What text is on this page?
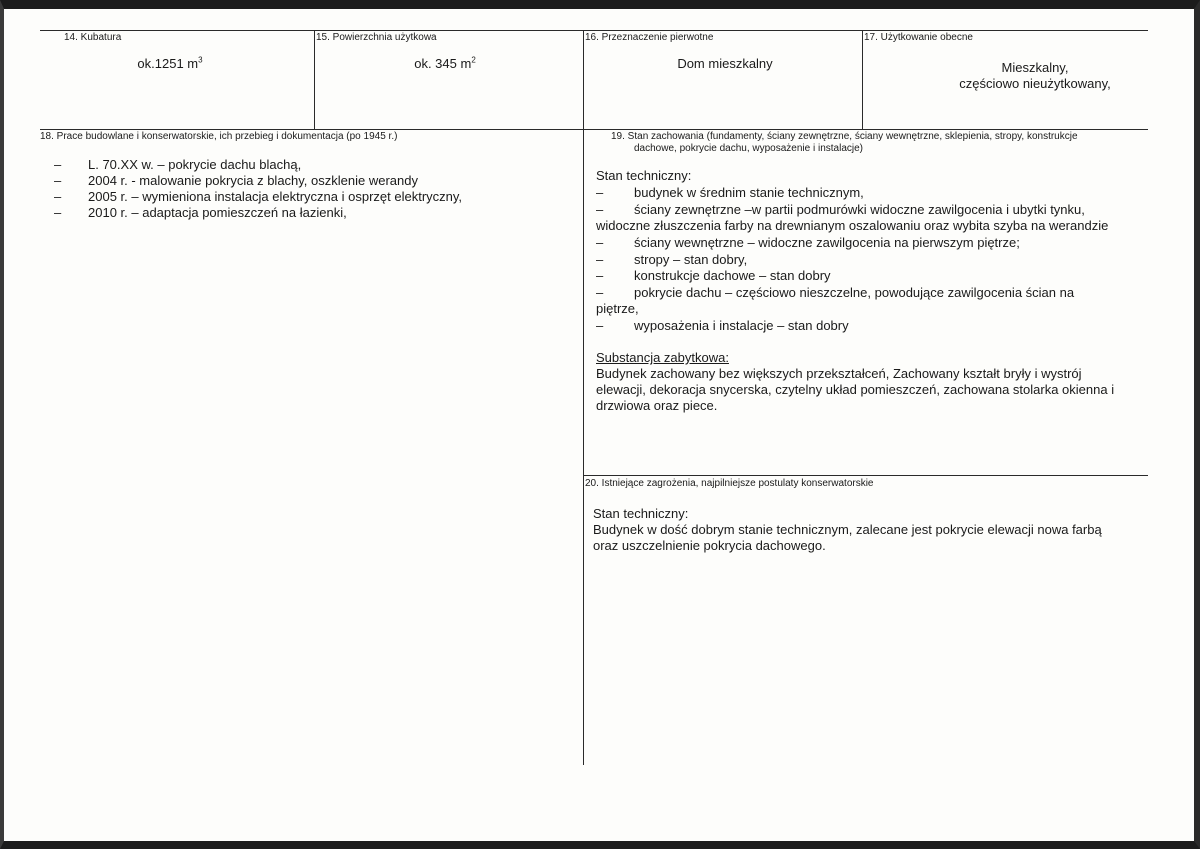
14. Kubatura
ok.1251 $m^3$
15. Powierzchnia użytkowa
ok. 345 $m^2$
16. Przeznaczenie pierwotne
Dom mieszkalny
17. Użytkowanie obecne
Mieszkalny,
częściowo nieużytkowany,
18. Prace budowlane i konserwatorskie, ich przebieg i dokumentacja (po 1945 r.)
– L. 70.XX w. – pokrycie dachu blachą,
– 2004 r. - malowanie pokrycia z blachy, oszklenie werandy
– 2005 r. – wymieniona instalacja elektryczna i osprzęt elektryczny,
– 2010 r. – adaptacja pomieszczeń na łazienki,
19. Stan zachowania (fundamenty, ściany zewnętrzne, ściany wewnętrzne, sklepienia, stropy, konstrukcje
dachowe, pokrycie dachu, wyposażenie i instalacje)
Stan techniczny:
– budynek w średnim stanie technicznym,
– ściany zewnętrzne –w partii podmurówki widoczne zawilgocenia i ubytki tynku,
widoczne złuszczenia farby na drewnianym oszalowaniu oraz wybita szyba na werandzie
– ściany wewnętrzne – widoczne zawilgocenia na pierwszym piętrze;
– stropy – stan dobry,
– konstrukcje dachowe – stan dobry
– pokrycie dachu – częściowo nieszczelne, powodujące zawilgocenia ścian na
piętrze,
– wyposażenia i instalacje – stan dobry
Substancja zabytkowa:
Budynek zachowany bez większych przekształceń, Zachowany kształt bryły i wystrój
elewacji, dekoracja snycerska, czytelny układ pomieszczeń, zachowana stolarka okienna i
drzwiowa oraz piece.
20. Istniejące zagrożenia, najpilniejsze postulaty konserwatorskie
Stan techniczny:
Budynek w dość dobrym stanie technicznym, zalecane jest pokrycie elewacji nowa farbą
oraz uszczelnienie pokrycia dachowego.
